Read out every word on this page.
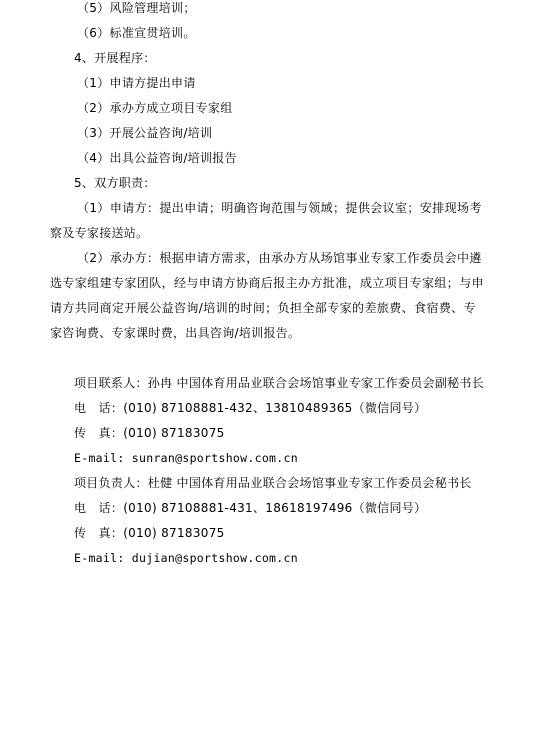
（5）风险管理培训；
（6）标准宣贯培训。
4、开展程序：
（1）申请方提出申请
（2）承办方成立项目专家组
（3）开展公益咨询/培训
（4）出具公益咨询/培训报告
5、双方职责：
（1）申请方：提出申请；明确咨询范围与领域；提供会议室；安排现场考
察及专家接送站。
（2）承办方：根据申请方需求，由承办方从场馆事业专家工作委员会中遴
选专家组建专家团队，经与申请方协商后报主办方批准，成立项目专家组；与申
请方共同商定开展公益咨询/培训的时间；负担全部专家的差旅费、食宿费、专
家咨询费、专家课时费，出具咨询/培训报告。
项目联系人：孙冉 中国体育用品业联合会场馆事业专家工作委员会副秘书长
电　话：(010) 87108881-432、13810489365（微信同号）
传　真：(010) 87183075
E-mail: sunran@sportshow.com.cn
项目负责人：杜健 中国体育用品业联合会场馆事业专家工作委员会秘书长
电　话：(010) 87108881-431、18618197496（微信同号）
传　真：(010) 87183075
E-mail: dujian@sportshow.com.cn
